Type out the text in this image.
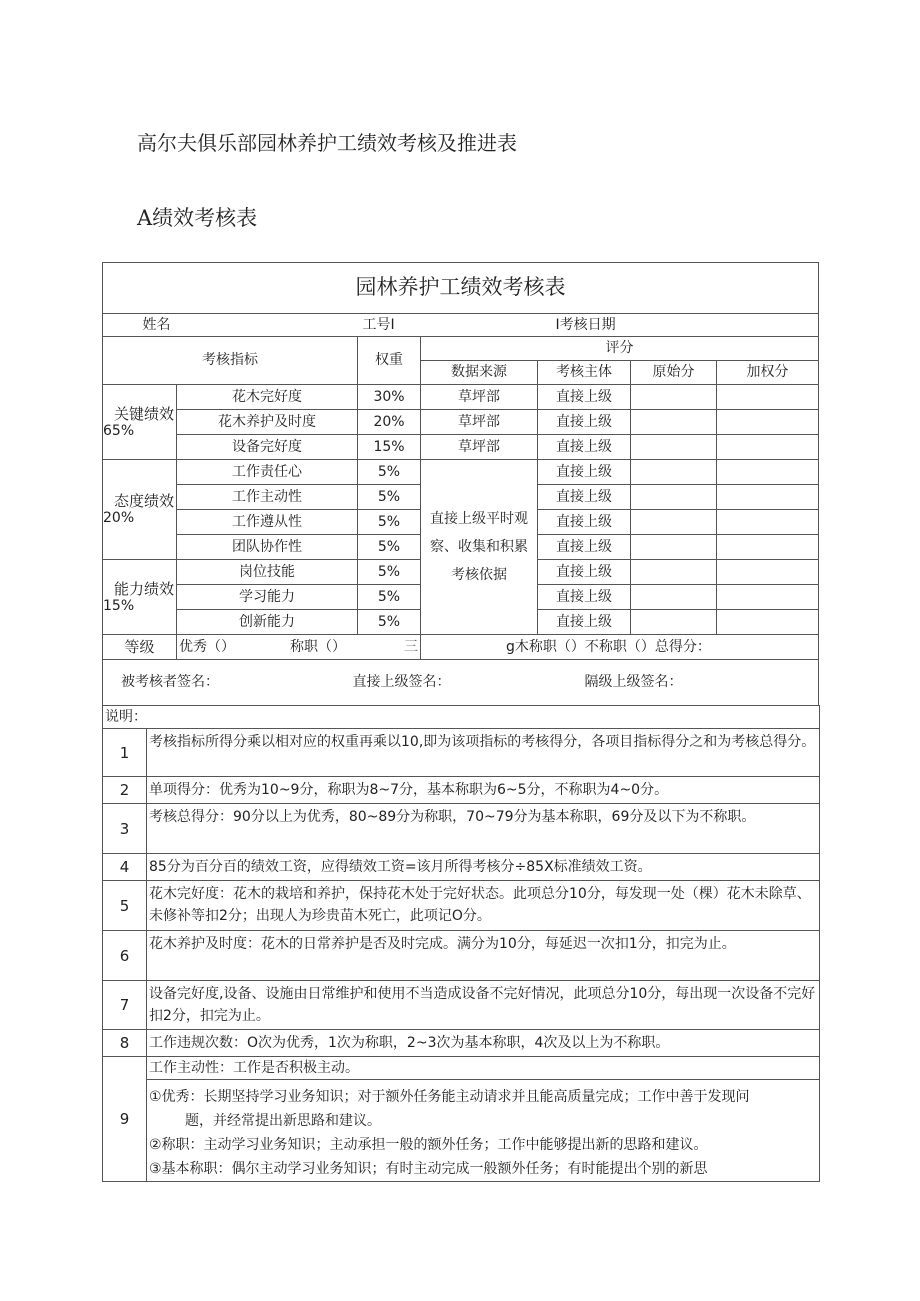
高尔夫俱乐部园林养护工绩效考核及推进表
A绩效考核表
园林养护工绩效考核表						

姓名 工号Ⅰ Ⅰ考核日期						

考核指标		权重	评分			
			数据来源	考核主体	原始分	加权分

关键绩效
65%	花木完好度	30%	草坪部	直接上级		
	花木养护及时度	20%	草坪部	直接上级		
	设备完好度	15%	草坪部	直接上级		

态度绩效
20%	工作责任心	5%	直接上级平时观察、收集和积累考核依据	直接上级		
	工作主动性	5%		直接上级		
	工作遵从性	5%		直接上级		
	团队协作性	5%		直接上级		

能力绩效
15%	岗位技能	5%		直接上级		
	学习能力	5%		直接上级		
	创新能力	5%		直接上级		
等级	优秀（） 称职（） 三		g木称职（）不称职（）总得分：			
被考核者签名： 直接上级签名： 隔级上级签名：						
说明：	
1	考核指标所得分乘以相对应的权重再乘以10,即为该项指标的考核得分，各项目指标得分之和为考核总得分。
2	单项得分：优秀为10~9分，称职为8~7分，基本称职为6~5分，不称职为4~0分。
3	考核总得分：90分以上为优秀，80~89分为称职，70~79分为基本称职，69分及以下为不称职。
4	85分为百分百的绩效工资，应得绩效工资=该月所得考核分÷85X标准绩效工资。
5	花木完好度：花木的栽培和养护，保持花木处于完好状态。此项总分10分，每发现一处（棵）花木未除草、未修补等扣2分；出现人为珍贵苗木死亡，此项记O分。
6	花木养护及时度：花木的日常养护是否及时完成。满分为10分，每延迟一次扣1分，扣完为止。
7	设备完好度,设备、设施由日常维护和使用不当造成设备不完好情况，此项总分10分，每出现一次设备不完好扣2分，扣完为止。
8	工作违规次数：O次为优秀，1次为称职，2~3次为基本称职，4次及以上为不称职。
9	工作主动性：工作是否积极主动。
①优秀：长期坚持学习业务知识；对于额外任务能主动请求并且能高质量完成；工作中善于发现问
题，并经常提出新思路和建议。
②称职：主动学习业务知识；主动承担一般的额外任务；工作中能够提出新的思路和建议。
③基本称职：偶尔主动学习业务知识；有时主动完成一般额外任务；有时能提出个别的新思
